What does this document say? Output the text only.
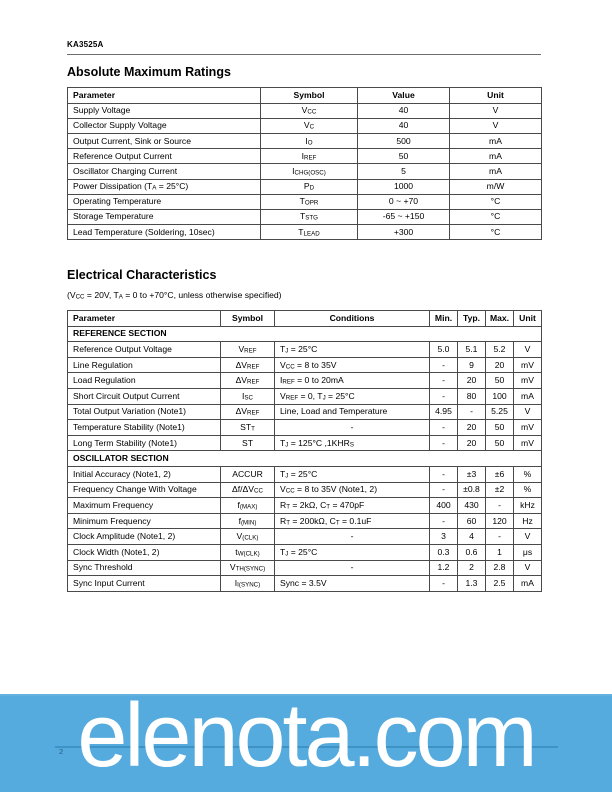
KA3525A
Absolute Maximum Ratings
Parameter	Symbol	Value	Unit
Supply Voltage	$V_{CC}$	40	V
Collector Supply Voltage	$V_C$	40	V
Output Current, Sink or Source	$I_O$	500	mA
Reference Output Current	$I_{REF}$	50	mA
Oscillator Charging Current	$I_{CHG(OSC)}$	5	mA
Power Dissipation $(T_A = 25^\circ C)$	$P_D$	1000	m/W
Operating Temperature	$T_{OPR}$	0 ~ +70	°C
Storage Temperature	$T_{STG}$	-65 ~ +150	°C
Lead Temperature (Soldering, 10sec)	$T_{LEAD}$	+300	°C
Electrical Characteristics
($V_{CC} = 20V$, $T_A = 0$ to +70°C, unless otherwise specified)
Parameter	Symbol	Conditions	Min.	Typ.	Max.	Unit
REFERENCE SECTION						
Reference Output Voltage	$V_{REF}$	$T_J = 25^\circ C$	5.0	5.1	5.2	V
Line Regulation	$\Delta V_{REF}$	$V_{CC} = 8$ to 35V	-	9	20	mV
Load Regulation	$\Delta V_{REF}$	$I_{REF} = 0$ to 20mA	-	20	50	mV
Short Circuit Output Current	$I_{SC}$	$V_{REF} = 0$, $T_J = 25^\circ C$	-	80	100	mA
Total Output Variation (Note1)	$\Delta V_{REF}$	Line, Load and Temperature	4.95	-	5.25	V
Temperature Stability (Note1)	$ST_T$	-	-	20	50	mV
Long Term Stability (Note1)	ST	$T_J = 125^\circ C$ $,1KHR_S$	-	20	50	mV
OSCILLATOR SECTION						
Initial Accuracy (Note1, 2)	ACCUR	$T_J = 25^\circ C$	-	±3	±6	%
Frequency Change With Voltage	$\Delta f/\Delta V_{CC}$	$V_{CC} = 8$ to 35V (Note1, 2)	-	±0.8	±2	%
Maximum Frequency	$f_{(MAX)}$	$R_T = 2k\Omega$, $C_T = 470pF$	400	430	-	kHz
Minimum Frequency	$f_{(MIN)}$	$R_T = 200k\Omega$, $C_T = 0.1uF$	-	60	120	Hz
Clock Amplitude (Note1, 2)	$V_{(CLK)}$	-	3	4	-	V
Clock Width (Note1, 2)	$t_{W(CLK)}$	$T_J = 25^\circ C$	0.3	0.6	1	μs
Sync Threshold	$V_{TH(SYNC)}$	-	1.2	2	2.8	V
Sync Input Current	$I_{I(SYNC)}$	Sync = 3.5V	-	1.3	2.5	mA
2 elenota.com
